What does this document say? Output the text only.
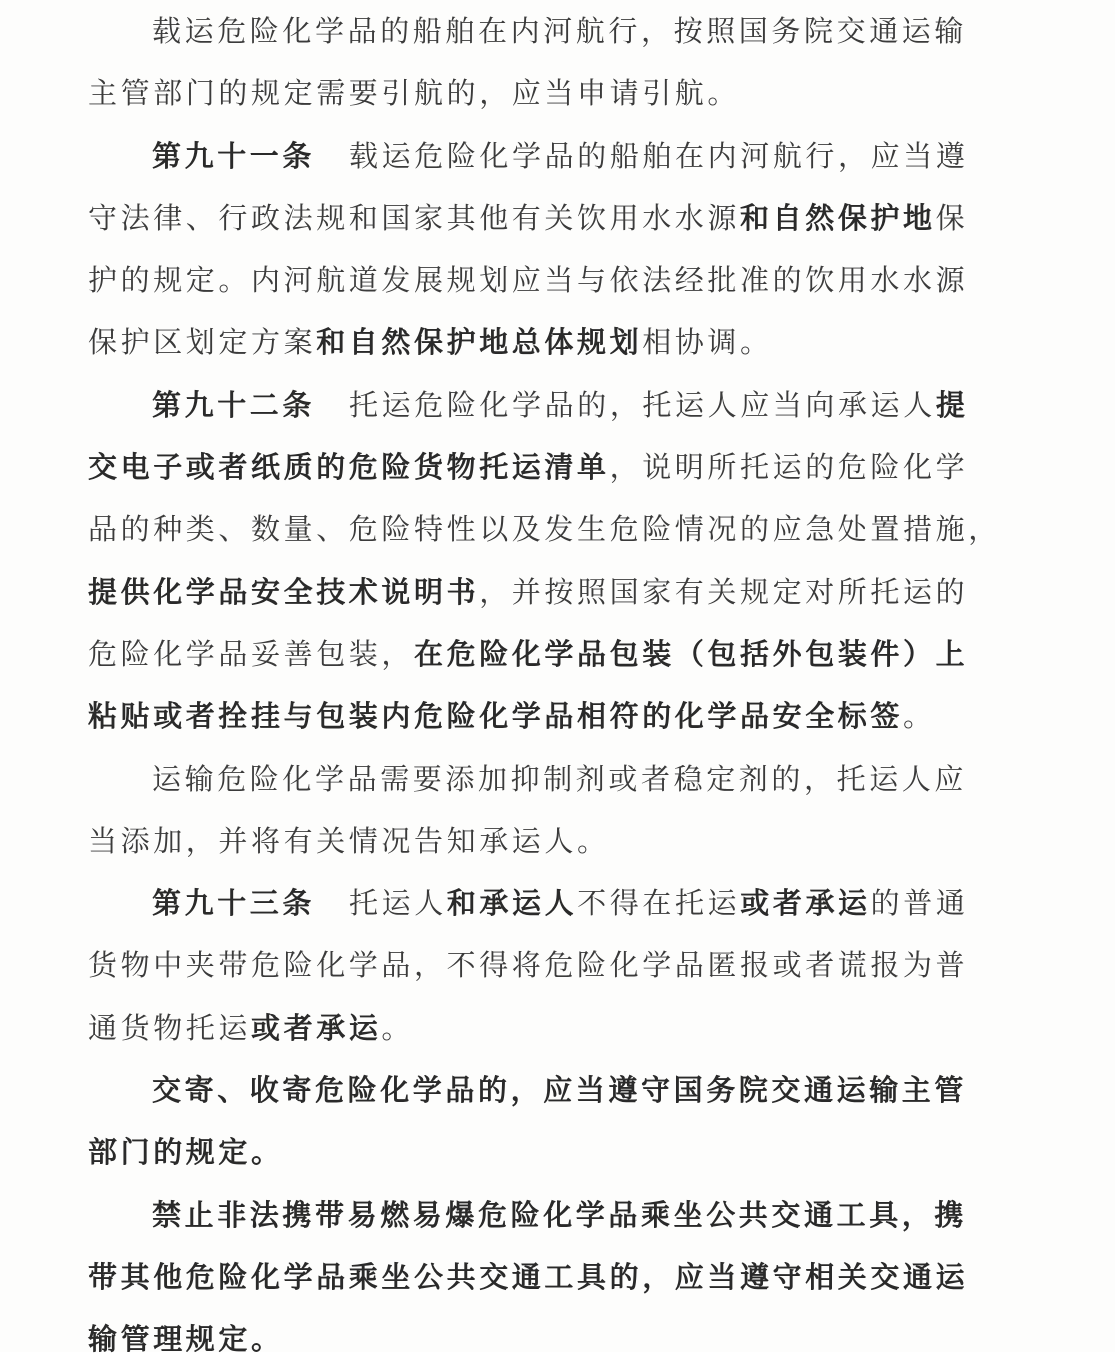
载运危险化学品的船舶在内河航行，按照国务院交通运输
主管部门的规定需要引航的，应当申请引航。
第九十一条 载运危险化学品的船舶在内河航行，应当遵
守法律、行政法规和国家其他有关饮用水水源和自然保护地保
护的规定。内河航道发展规划应当与依法经批准的饮用水水源
保护区划定方案和自然保护地总体规划相协调。
第九十二条 托运危险化学品的，托运人应当向承运人提
交电子或者纸质的危险货物托运清单，说明所托运的危险化学
品的种类、数量、危险特性以及发生危险情况的应急处置措施，
提供化学品安全技术说明书，并按照国家有关规定对所托运的
危险化学品妥善包装，在危险化学品包装（包括外包装件）上
粘贴或者拴挂与包装内危险化学品相符的化学品安全标签。
运输危险化学品需要添加抑制剂或者稳定剂的，托运人应
当添加，并将有关情况告知承运人。
第九十三条 托运人和承运人不得在托运或者承运的普通
货物中夹带危险化学品，不得将危险化学品匿报或者谎报为普
通货物托运或者承运。
交寄、收寄危险化学品的，应当遵守国务院交通运输主管
部门的规定。
禁止非法携带易燃易爆危险化学品乘坐公共交通工具，携
带其他危险化学品乘坐公共交通工具的，应当遵守相关交通运
输管理规定。
